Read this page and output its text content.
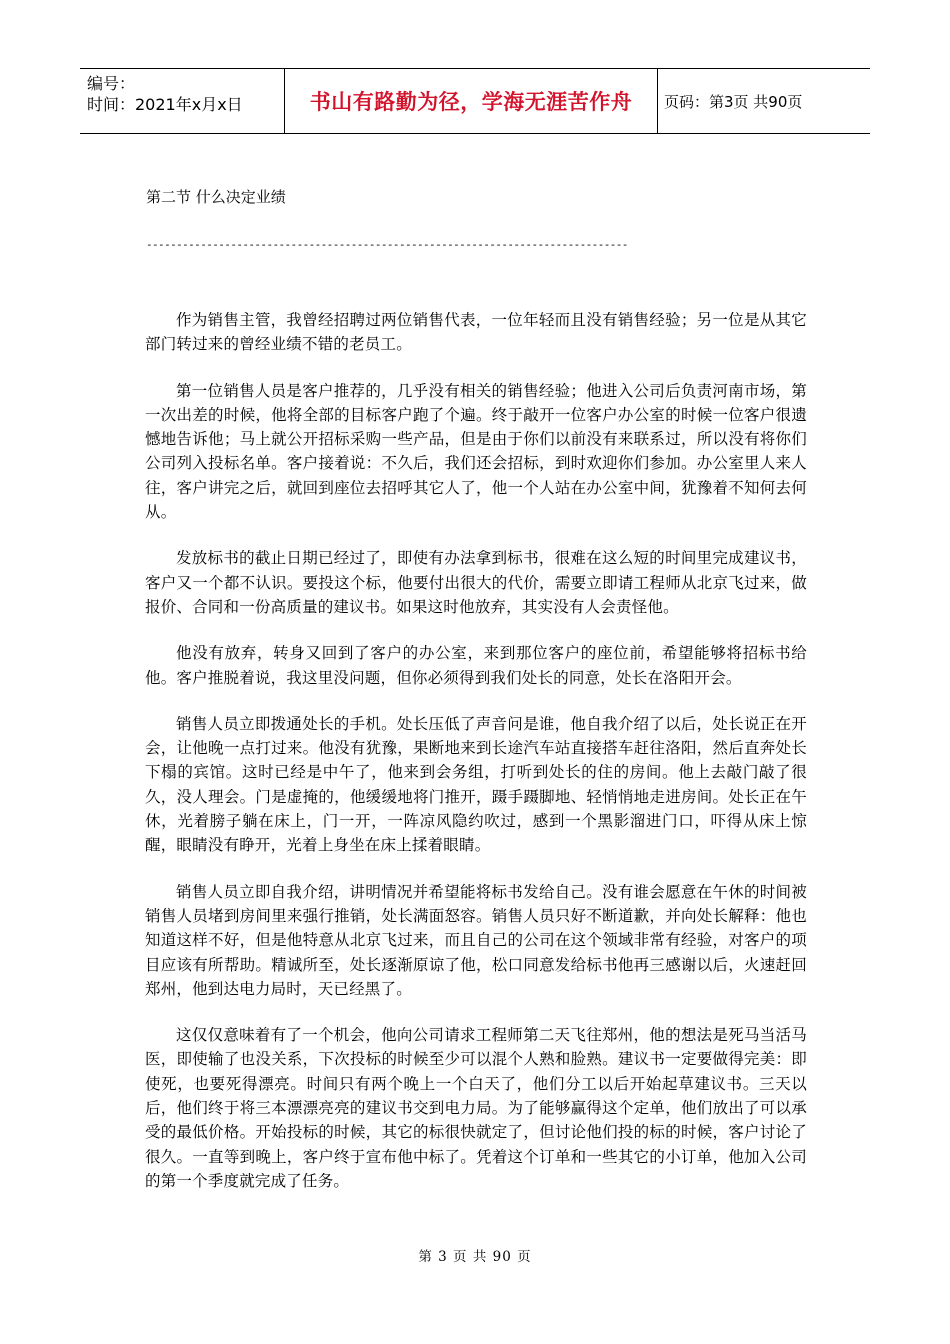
编号：
时间：2021年x月x日	书山有路勤为径，学海无涯苦作舟	页码：第3页 共90页
第二节 什么决定业绩
--------------------------------------------------------------------------------

作为销售主管，我曾经招聘过两位销售代表，一位年轻而且没有销售经验；另一位是从其它部门转过来的曾经业绩不错的老员工。

第一位销售人员是客户推荐的，几乎没有相关的销售经验；他进入公司后负责河南市场，第一次出差的时候，他将全部的目标客户跑了个遍。终于敲开一位客户办公室的时候一位客户很遗憾地告诉他；马上就公开招标采购一些产品，但是由于你们以前没有来联系过，所以没有将你们公司列入投标名单。客户接着说：不久后，我们还会招标，到时欢迎你们参加。办公室里人来人往，客户讲完之后，就回到座位去招呼其它人了，他一个人站在办公室中间，犹豫着不知何去何从。

发放标书的截止日期已经过了，即使有办法拿到标书，很难在这么短的时间里完成建议书，客户又一个都不认识。要投这个标，他要付出很大的代价，需要立即请工程师从北京飞过来，做报价、合同和一份高质量的建议书。如果这时他放弃，其实没有人会责怪他。

他没有放弃，转身又回到了客户的办公室，来到那位客户的座位前，希望能够将招标书给他。客户推脱着说，我这里没问题，但你必须得到我们处长的同意，处长在洛阳开会。

销售人员立即拨通处长的手机。处长压低了声音问是谁，他自我介绍了以后，处长说正在开会，让他晚一点打过来。他没有犹豫，果断地来到长途汽车站直接搭车赶往洛阳，然后直奔处长下榻的宾馆。这时已经是中午了，他来到会务组，打听到处长的住的房间。他上去敲门敲了很久，没人理会。门是虚掩的，他缓缓地将门推开，蹑手蹑脚地、轻悄悄地走进房间。处长正在午休，光着膀子躺在床上，门一开，一阵凉风隐约吹过，感到一个黑影溜进门口，吓得从床上惊醒，眼睛没有睁开，光着上身坐在床上揉着眼睛。

销售人员立即自我介绍，讲明情况并希望能将标书发给自己。没有谁会愿意在午休的时间被销售人员堵到房间里来强行推销，处长满面怒容。销售人员只好不断道歉，并向处长解释：他也知道这样不好，但是他特意从北京飞过来，而且自己的公司在这个领域非常有经验，对客户的项目应该有所帮助。精诚所至，处长逐渐原谅了他，松口同意发给标书他再三感谢以后，火速赶回郑州，他到达电力局时，天已经黑了。

这仅仅意味着有了一个机会，他向公司请求工程师第二天飞往郑州，他的想法是死马当活马医，即使输了也没关系，下次投标的时候至少可以混个人熟和脸熟。建议书一定要做得完美：即使死，也要死得漂亮。时间只有两个晚上一个白天了，他们分工以后开始起草建议书。三天以后，他们终于将三本漂漂亮亮的建议书交到电力局。为了能够赢得这个定单，他们放出了可以承受的最低价格。开始投标的时候，其它的标很快就定了，但讨论他们投的标的时候，客户讨论了很久。一直等到晚上，客户终于宣布他中标了。凭着这个订单和一些其它的小订单，他加入公司的第一个季度就完成了任务。

第 3 页 共 90 页
